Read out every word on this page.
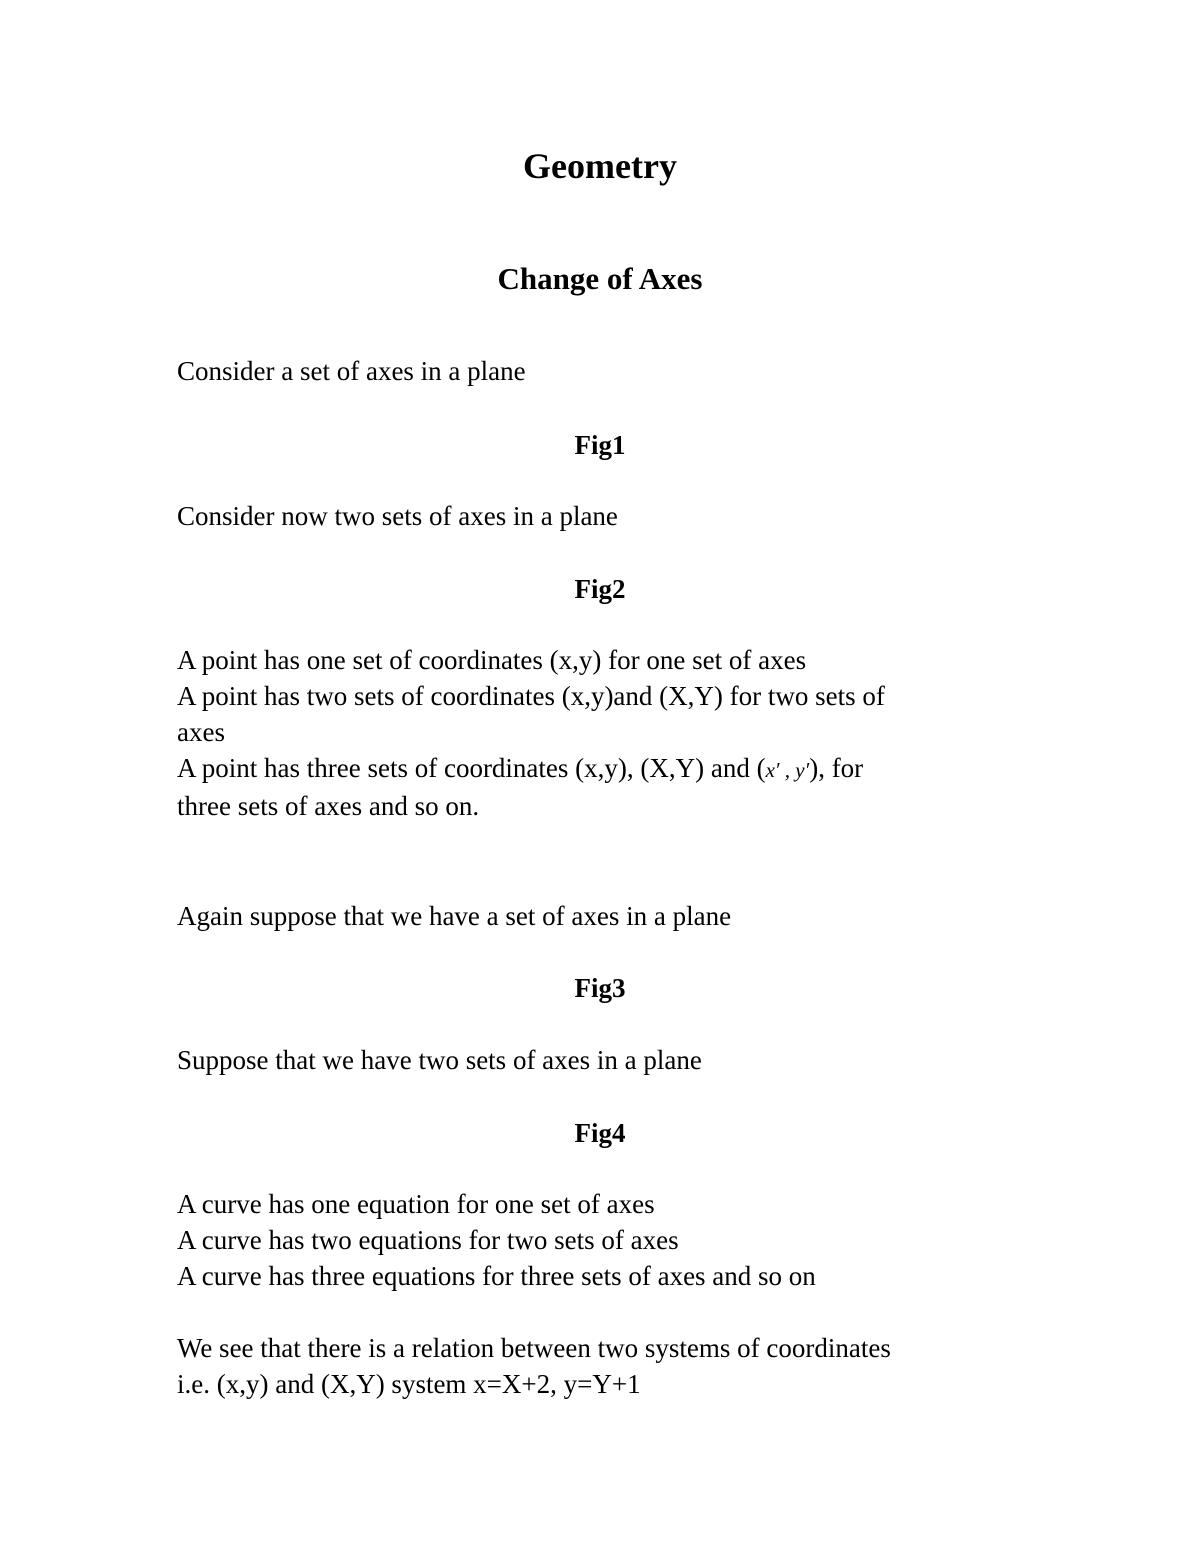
Geometry
Change of Axes
Consider a set of axes in a plane
Fig1
Consider now two sets of axes in a plane
Fig2
A point has one set of coordinates (x,y) for one set of axes
A point has two sets of coordinates (x,y)and (X,Y) for two sets of
axes
A point has three sets of coordinates (x,y), (X,Y) and (x′ , y′), for
three sets of axes and so on.
Again suppose that we have a set of axes in a plane
Fig3
Suppose that we have two sets of axes in a plane
Fig4
A curve has one equation for one set of axes
A curve has two equations for two sets of axes
A curve has three equations for three sets of axes and so on
We see that there is a relation between two systems of coordinates
i.e. (x,y) and (X,Y) system x=X+2, y=Y+1
